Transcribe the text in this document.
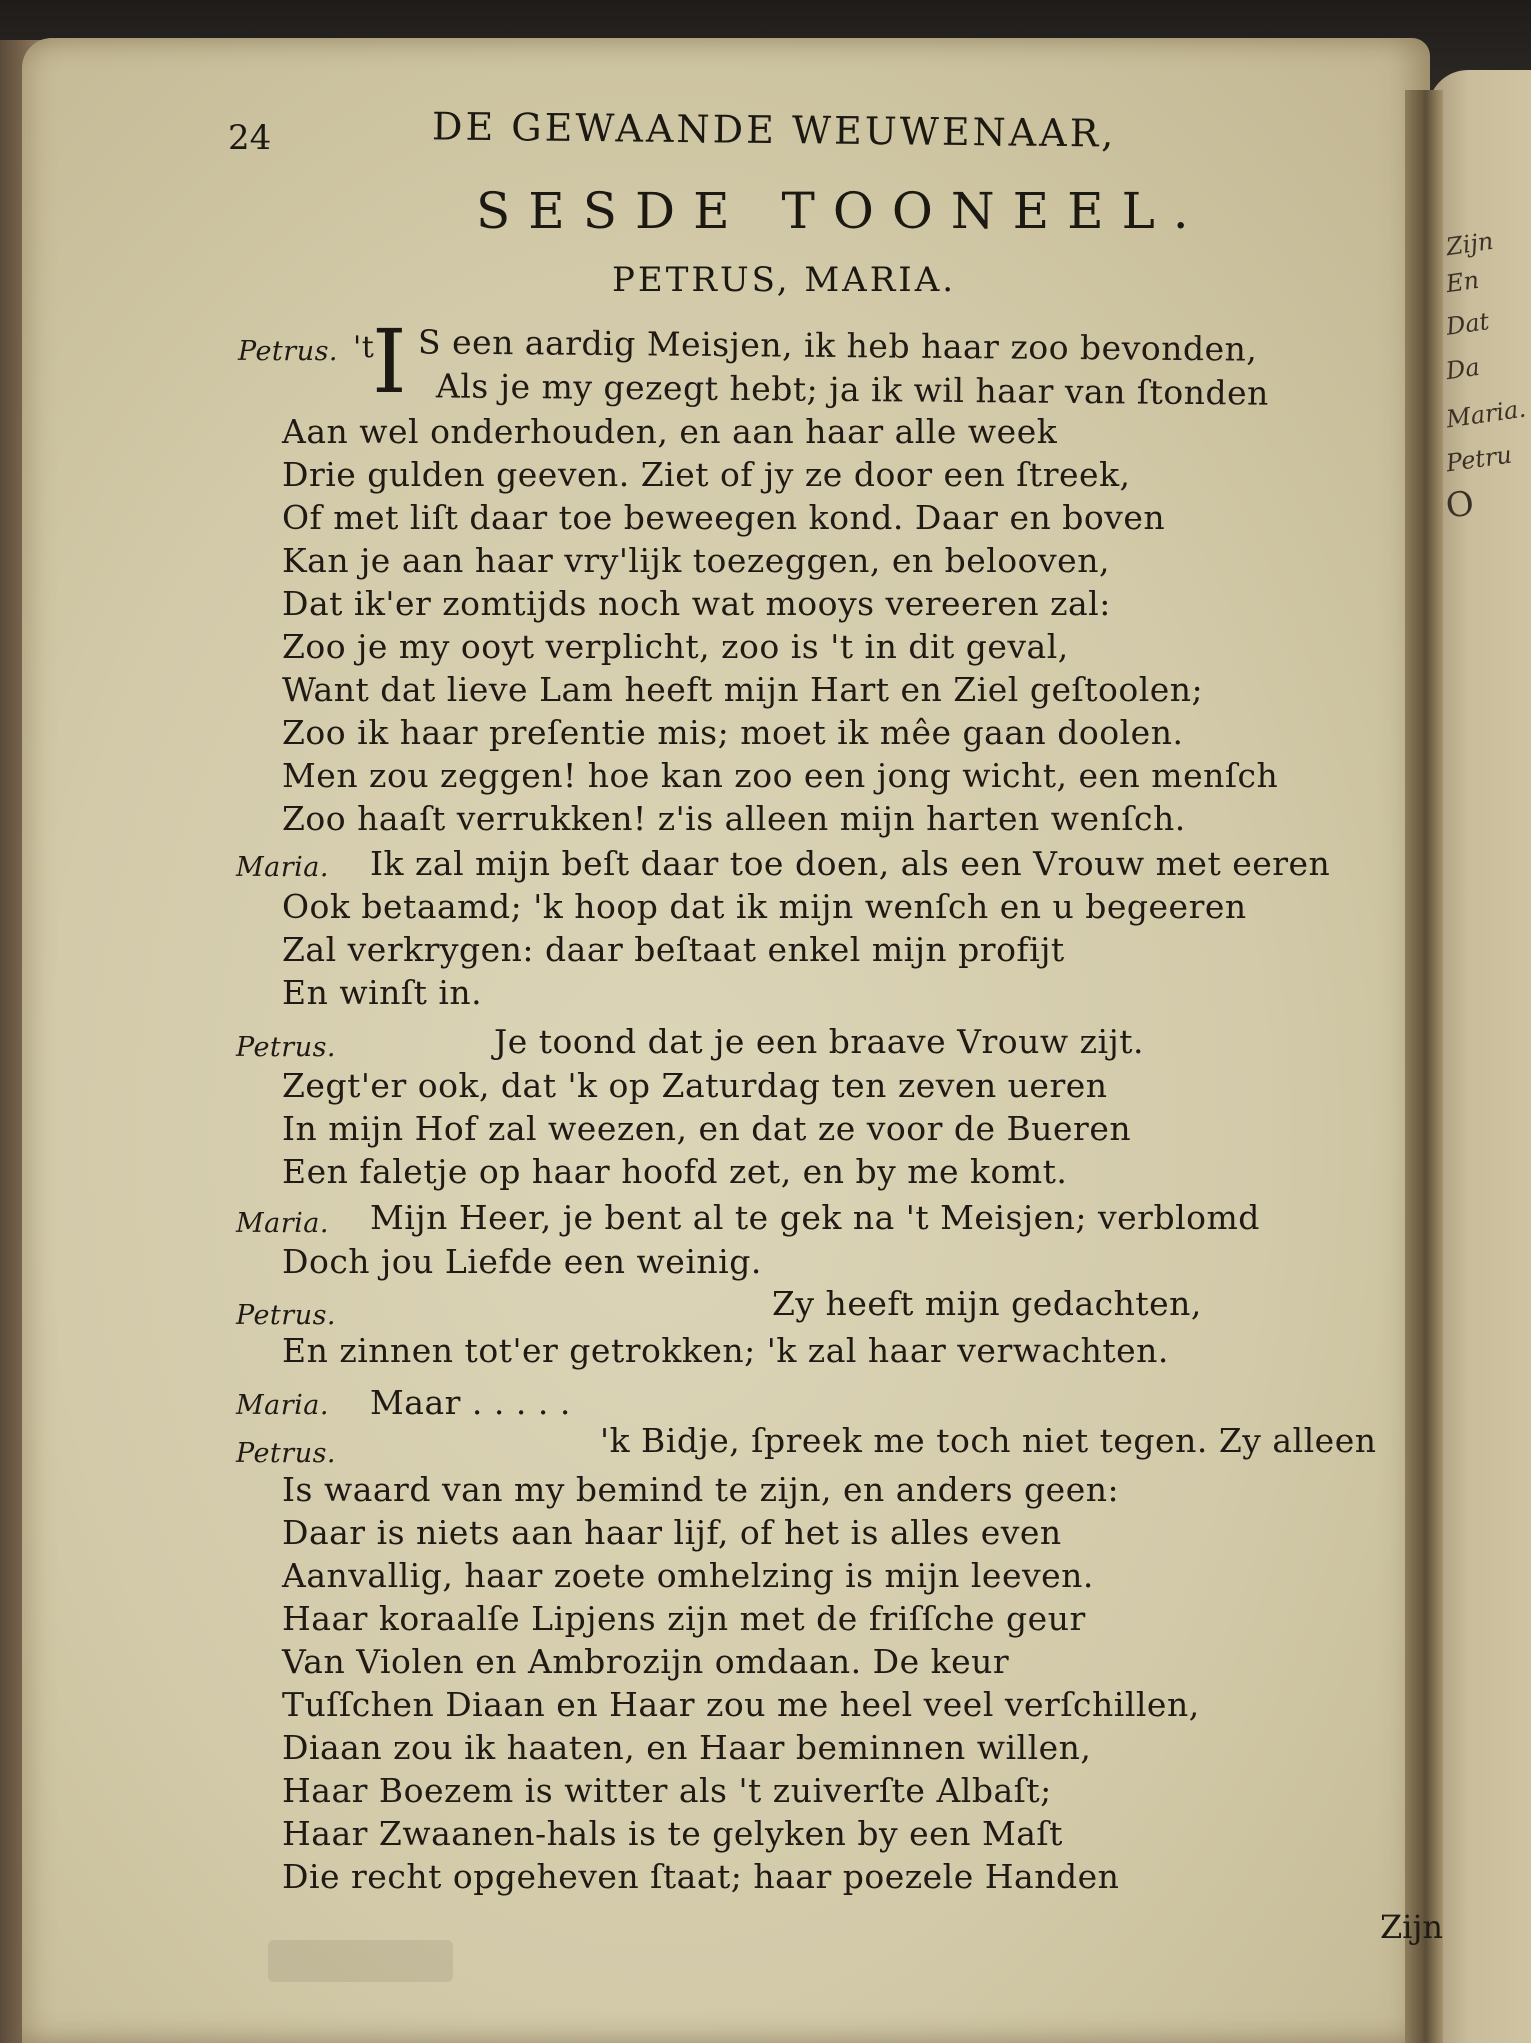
Zijn
En
Dat
Da
Maria.
Petru
O
24	DE GEWAANDE WEUWENAAR,
SESDE TOONEEL.
PETRUS, MARIA.
Petrus. 't
I S een aardig Meisjen, ik heb haar zoo bevonden,
Als je my gezegt hebt; ja ik wil haar van ſtonden
Aan wel onderhouden, en aan haar alle week
Drie gulden geeven. Ziet of jy ze door een ſtreek,
Of met liſt daar toe beweegen kond. Daar en boven
Kan je aan haar vry'lijk toezeggen, en belooven,
Dat ik'er zomtijds noch wat mooys vereeren zal:
Zoo je my ooyt verplicht, zoo is 't in dit geval,
Want dat lieve Lam heeft mijn Hart en Ziel geſtoolen;
Zoo ik haar preſentie mis; moet ik mêe gaan doolen.
Men zou zeggen! hoe kan zoo een jong wicht, een menſch
Zoo haaſt verrukken! z'is alleen mijn harten wenſch.
Maria. Ik zal mijn beſt daar toe doen, als een Vrouw met eeren
Ook betaamd; 'k hoop dat ik mijn wenſch en u begeeren
Zal verkrygen: daar beſtaat enkel mijn profijt
En winſt in.
Petrus.	Je toond dat je een braave Vrouw zijt.
Zegt'er ook, dat 'k op Zaturdag ten zeven ueren
In mijn Hof zal weezen, en dat ze voor de Bueren
Een faletje op haar hoofd zet, en by me komt.
Maria. Mijn Heer, je bent al te gek na 't Meisjen; verblomd
Doch jou Liefde een weinig.
Petrus.	Zy heeft mijn gedachten,
En zinnen tot'er getrokken; 'k zal haar verwachten.
Maria. Maar . . . . .
Petrus.	'k Bidje, ſpreek me toch niet tegen. Zy alleen
Is waard van my bemind te zijn, en anders geen:
Daar is niets aan haar lijf, of het is alles even
Aanvallig, haar zoete omhelzing is mijn leeven.
Haar koraalſe Lipjens zijn met de friſſche geur
Van Violen en Ambrozijn omdaan. De keur
Tuſſchen Diaan en Haar zou me heel veel verſchillen,
Diaan zou ik haaten, en Haar beminnen willen,
Haar Boezem is witter als 't zuiverſte Albaſt;
Haar Zwaanen-hals is te gelyken by een Maſt
Die recht opgeheven ſtaat; haar poezele Handen
Zijn
